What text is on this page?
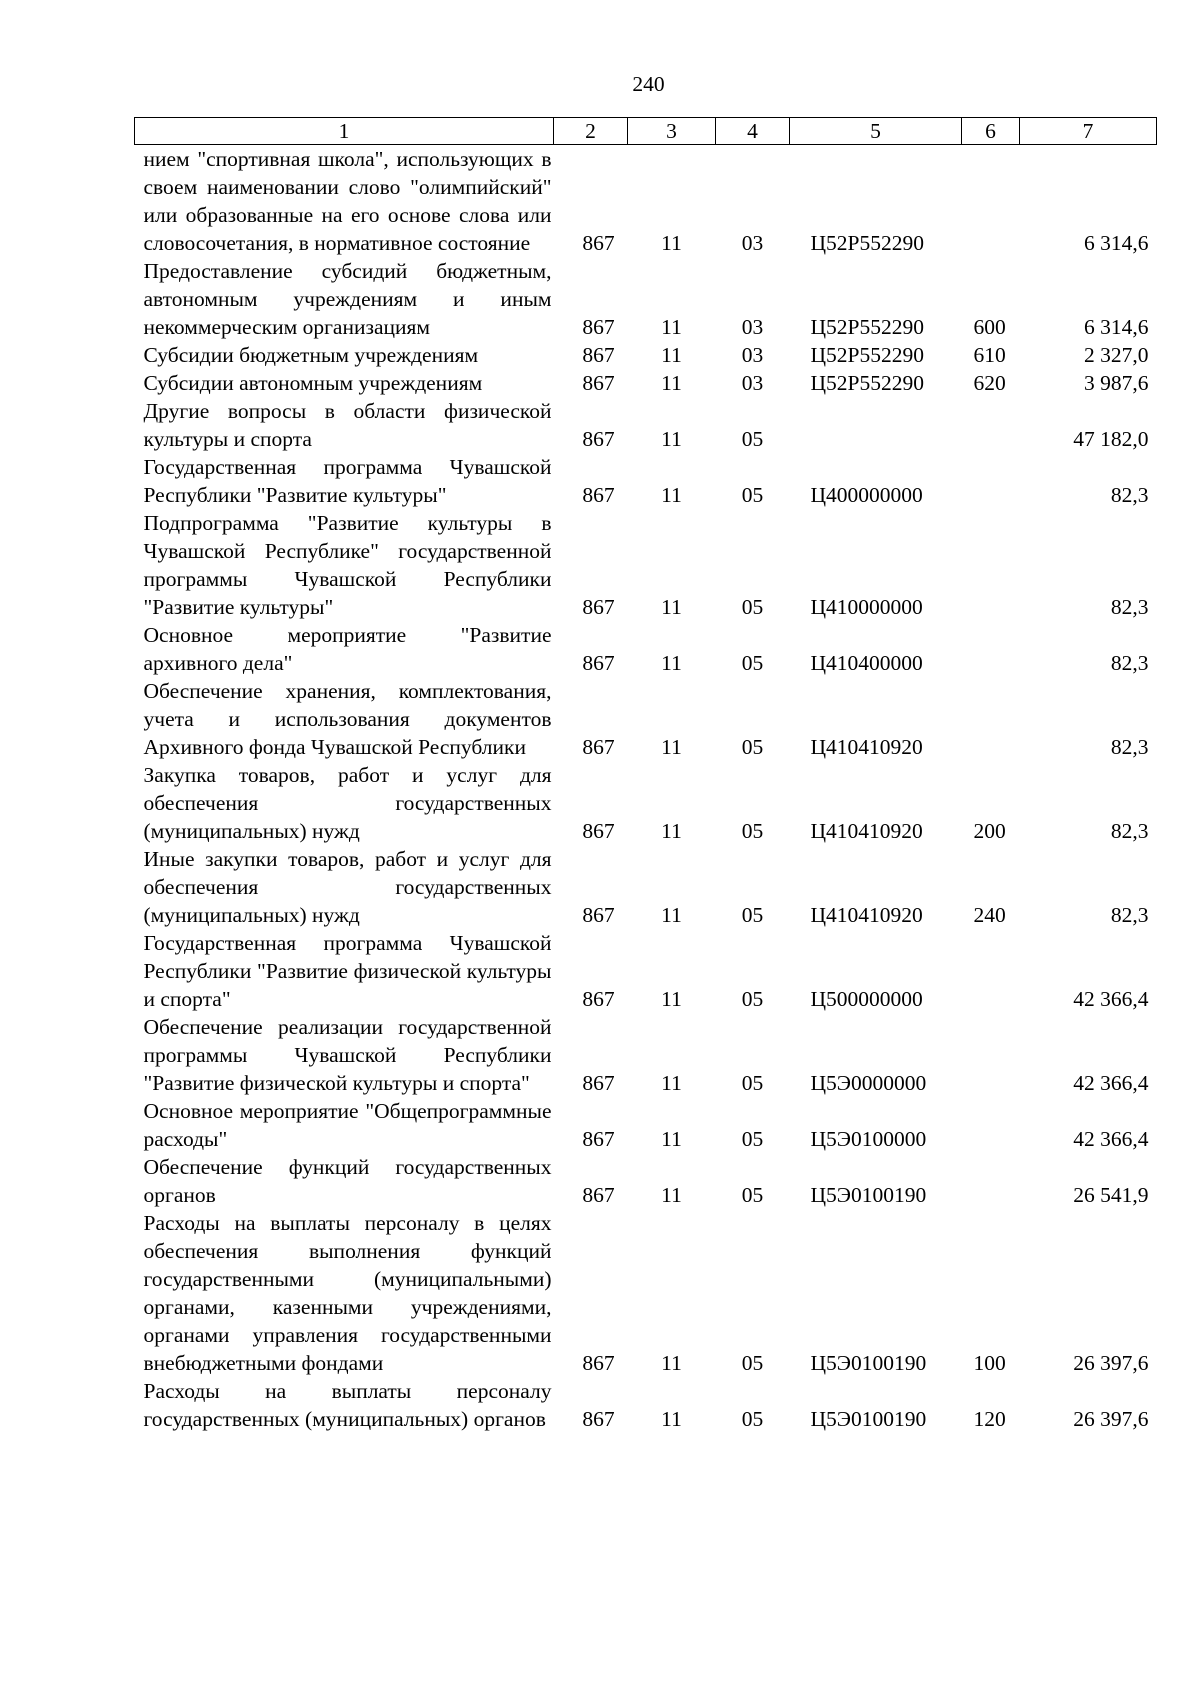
240
1	2	3	4	5	6	7
нием "спортивная школа", использующих в своем наименовании слово "олимпийский" или образованные на его основе слова или словосочетания, в нормативное состояние	867	11	03	Ц52P552290		6 314,6
Предоставление субсидий бюджетным, автономным учреждениям и иным некоммерческим организациям	867	11	03	Ц52P552290	600	6 314,6
Субсидии бюджетным учреждениям	867	11	03	Ц52P552290	610	2 327,0
Субсидии автономным учреждениям	867	11	03	Ц52P552290	620	3 987,6
Другие вопросы в области физической культуры и спорта	867	11	05			47 182,0
Государственная программа Чувашской Республики "Развитие культуры"	867	11	05	Ц400000000		82,3
Подпрограмма "Развитие культуры в Чувашской Республике" государственной программы Чувашской Республики "Развитие культуры"	867	11	05	Ц410000000		82,3
Основное мероприятие "Развитие архивного дела"	867	11	05	Ц410400000		82,3
Обеспечение хранения, комплектования, учета и использования документов Архивного фонда Чувашской Республики	867	11	05	Ц410410920		82,3
Закупка товаров, работ и услуг для обеспечения государственных (муниципальных) нужд	867	11	05	Ц410410920	200	82,3
Иные закупки товаров, работ и услуг для обеспечения государственных (муниципальных) нужд	867	11	05	Ц410410920	240	82,3
Государственная программа Чувашской Республики "Развитие физической культуры и спорта"	867	11	05	Ц500000000		42 366,4
Обеспечение реализации государственной программы Чувашской Республики "Развитие физической культуры и спорта"	867	11	05	Ц5Э0000000		42 366,4
Основное мероприятие "Общепрограммные расходы"	867	11	05	Ц5Э0100000		42 366,4
Обеспечение функций государственных органов	867	11	05	Ц5Э0100190		26 541,9
Расходы на выплаты персоналу в целях обеспечения выполнения функций государственными (муниципальными) органами, казенными учреждениями, органами управления государственными внебюджетными фондами	867	11	05	Ц5Э0100190	100	26 397,6
Расходы на выплаты персоналу государственных (муниципальных) органов	867	11	05	Ц5Э0100190	120	26 397,6
